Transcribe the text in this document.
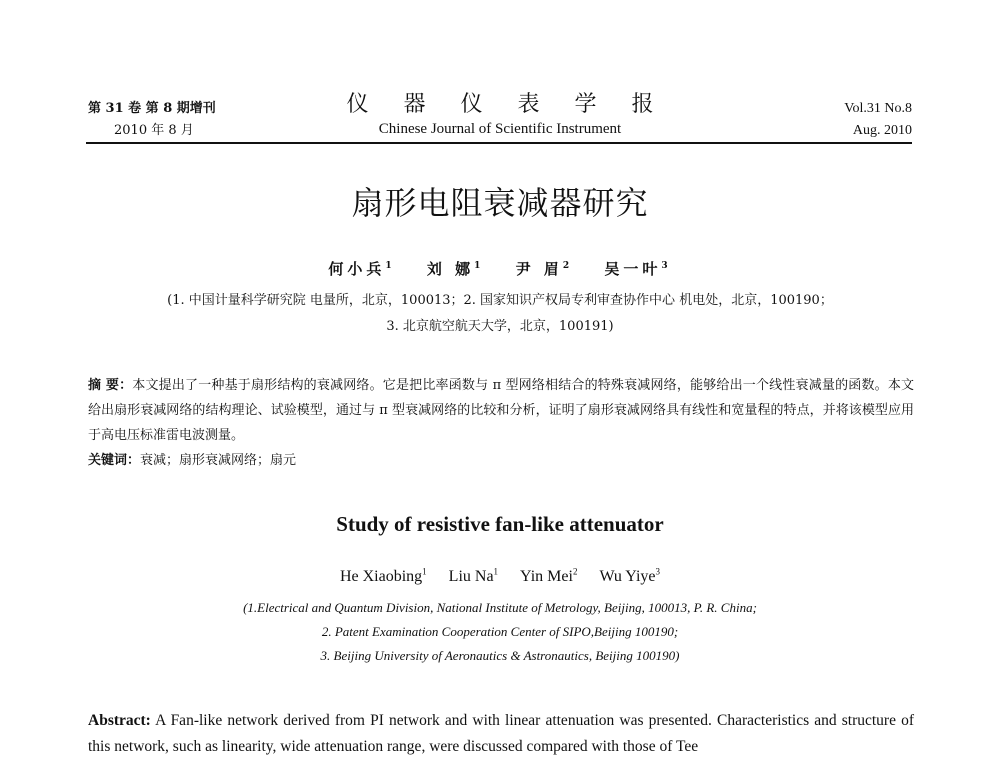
第 31 卷 第 8 期增刊
2010 年 8 月
仪 器 仪 表 学 报
Chinese Journal of Scientific Instrument
Vol.31 No.8
Aug. 2010
扇形电阻衰减器研究
何小兵$^1$ 刘 娜$^1$ 尹 眉$^2$ 吴一叶$^3$
(1. 中国计量科学研究院 电量所，北京，100013；2. 国家知识产权局专利审查协作中心 机电处，北京，100190；
3. 北京航空航天大学，北京，100191)
摘 要：本文提出了一种基于扇形结构的衰减网络。它是把比率函数与 π 型网络相结合的特殊衰减网络，能够给出一个线性衰减量的函数。本文给出扇形衰减网络的结构理论、试验模型，通过与 π 型衰减网络的比较和分析，证明了扇形衰减网络具有线性和宽量程的特点，并将该模型应用于高电压标准雷电波测量。
关键词：衰减；扇形衰减网络；扇元
Study of resistive fan-like attenuator
He Xiaobing$^1$ Liu Na$^1$ Yin Mei$^2$ Wu Yiye$^3$
(1.Electrical and Quantum Division, National Institute of Metrology, Beijing, 100013, P. R. China;
2. Patent Examination Cooperation Center of SIPO,Beijing 100190;
3. Beijing University of Aeronautics & Astronautics, Beijing 100190)
Abstract: A Fan-like network derived from PI network and with linear attenuation was presented. Characteristics and structure of this network, such as linearity, wide attenuation range, were discussed compared with those of Tee
